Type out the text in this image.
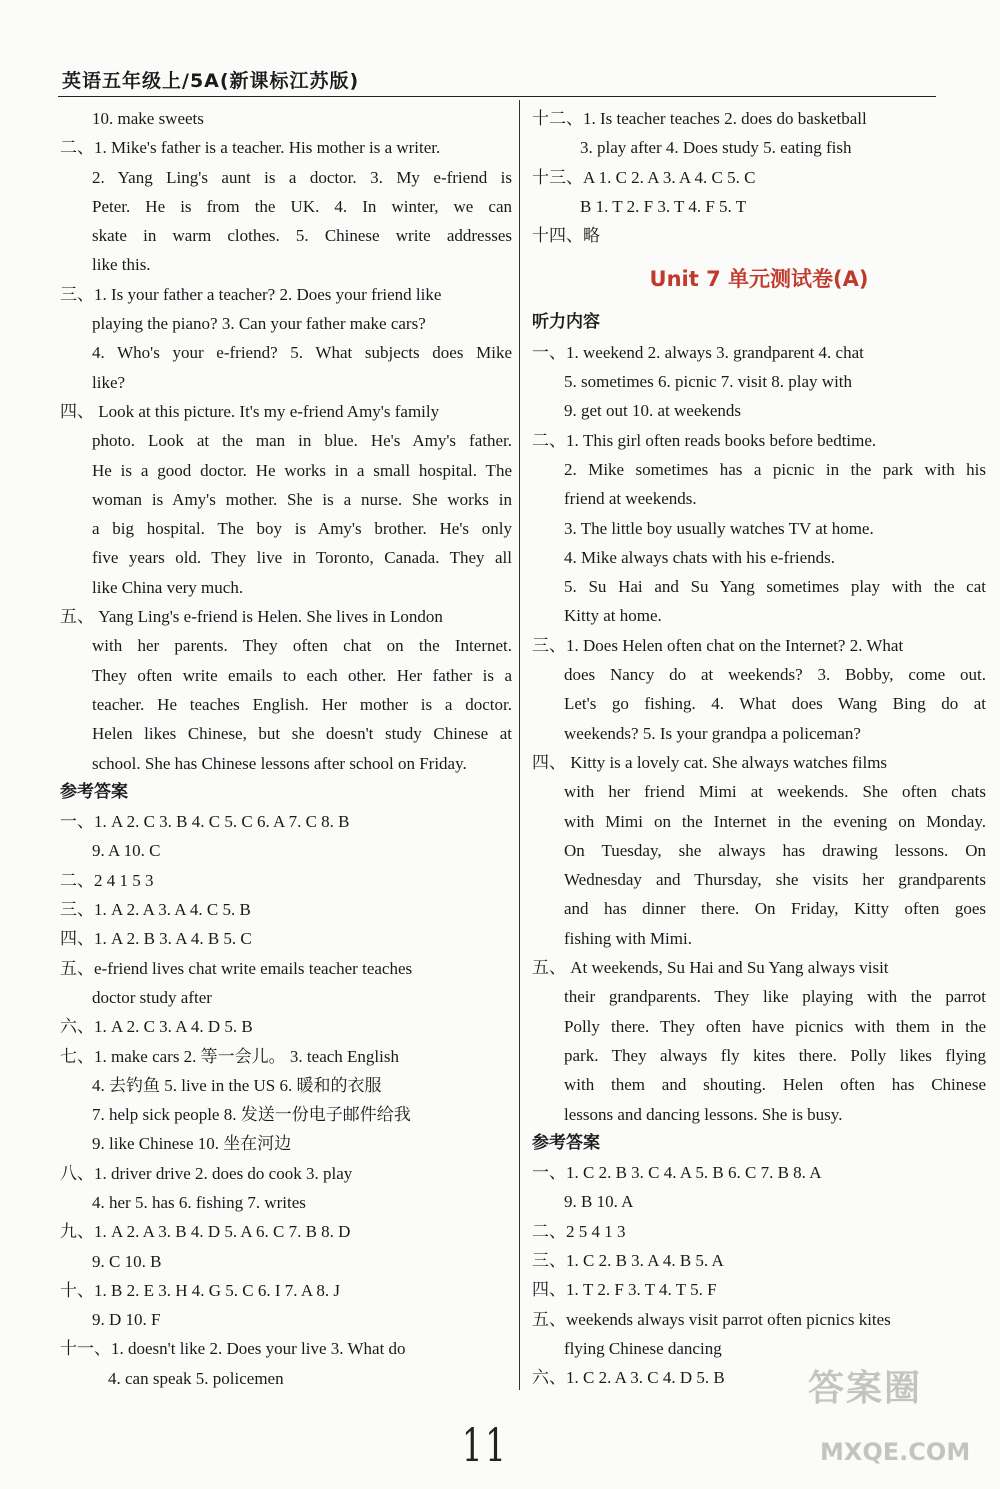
英语五年级上/5A(新课标江苏版)
10. make sweets
二、1. Mike's father is a teacher. His mother is a writer.
2. Yang Ling's aunt is a doctor. 3. My e-friend is
Peter. He is from the UK. 4. In winter, we can
skate in warm clothes. 5. Chinese write addresses
like this.
三、1. Is your father a teacher? 2. Does your friend like
playing the piano? 3. Can your father make cars?
4. Who's your e-friend? 5. What subjects does Mike
like?
四、 Look at this picture. It's my e-friend Amy's family
photo. Look at the man in blue. He's Amy's father.
He is a good doctor. He works in a small hospital. The
woman is Amy's mother. She is a nurse. She works in
a big hospital. The boy is Amy's brother. He's only
five years old. They live in Toronto, Canada. They all
like China very much.
五、 Yang Ling's e-friend is Helen. She lives in London
with her parents. They often chat on the Internet.
They often write emails to each other. Her father is a
teacher. He teaches English. Her mother is a doctor.
Helen likes Chinese, but she doesn't study Chinese at
school. She has Chinese lessons after school on Friday.
参考答案
一、1. A 2. C 3. B 4. C 5. C 6. A 7. C 8. B
9. A 10. C
二、2 4 1 5 3
三、1. A 2. A 3. A 4. C 5. B
四、1. A 2. B 3. A 4. B 5. C
五、e-friend lives chat write emails teacher teaches
doctor study after
六、1. A 2. C 3. A 4. D 5. B
七、1. make cars 2. 等一会儿。 3. teach English
4. 去钓鱼 5. live in the US 6. 暖和的衣服
7. help sick people 8. 发送一份电子邮件给我
9. like Chinese 10. 坐在河边
八、1. driver drive 2. does do cook 3. play
4. her 5. has 6. fishing 7. writes
九、1. A 2. A 3. B 4. D 5. A 6. C 7. B 8. D
9. C 10. B
十、1. B 2. E 3. H 4. G 5. C 6. I 7. A 8. J
9. D 10. F
十一、1. doesn't like 2. Does your live 3. What do
4. can speak 5. policemen
十二、1. Is teacher teaches 2. does do basketball
3. play after 4. Does study 5. eating fish
十三、A 1. C 2. A 3. A 4. C 5. C
B 1. T 2. F 3. T 4. F 5. T
十四、略
Unit 7 单元测试卷(A)
听力内容
一、1. weekend 2. always 3. grandparent 4. chat
5. sometimes 6. picnic 7. visit 8. play with
9. get out 10. at weekends
二、1. This girl often reads books before bedtime.
2. Mike sometimes has a picnic in the park with his
friend at weekends.
3. The little boy usually watches TV at home.
4. Mike always chats with his e-friends.
5. Su Hai and Su Yang sometimes play with the cat
Kitty at home.
三、1. Does Helen often chat on the Internet? 2. What
does Nancy do at weekends? 3. Bobby, come out.
Let's go fishing. 4. What does Wang Bing do at
weekends? 5. Is your grandpa a policeman?
四、 Kitty is a lovely cat. She always watches films
with her friend Mimi at weekends. She often chats
with Mimi on the Internet in the evening on Monday.
On Tuesday, she always has drawing lessons. On
Wednesday and Thursday, she visits her grandparents
and has dinner there. On Friday, Kitty often goes
fishing with Mimi.
五、 At weekends, Su Hai and Su Yang always visit
their grandparents. They like playing with the parrot
Polly there. They often have picnics with them in the
park. They always fly kites there. Polly likes flying
with them and shouting. Helen often has Chinese
lessons and dancing lessons. She is busy.
参考答案
一、1. C 2. B 3. C 4. A 5. B 6. C 7. B 8. A
9. B 10. A
二、2 5 4 1 3
三、1. C 2. B 3. A 4. B 5. A
四、1. T 2. F 3. T 4. T 5. F
五、weekends always visit parrot often picnics kites
flying Chinese dancing
六、1. C 2. A 3. C 4. D 5. B
11
答案圈
MXQE.COM
